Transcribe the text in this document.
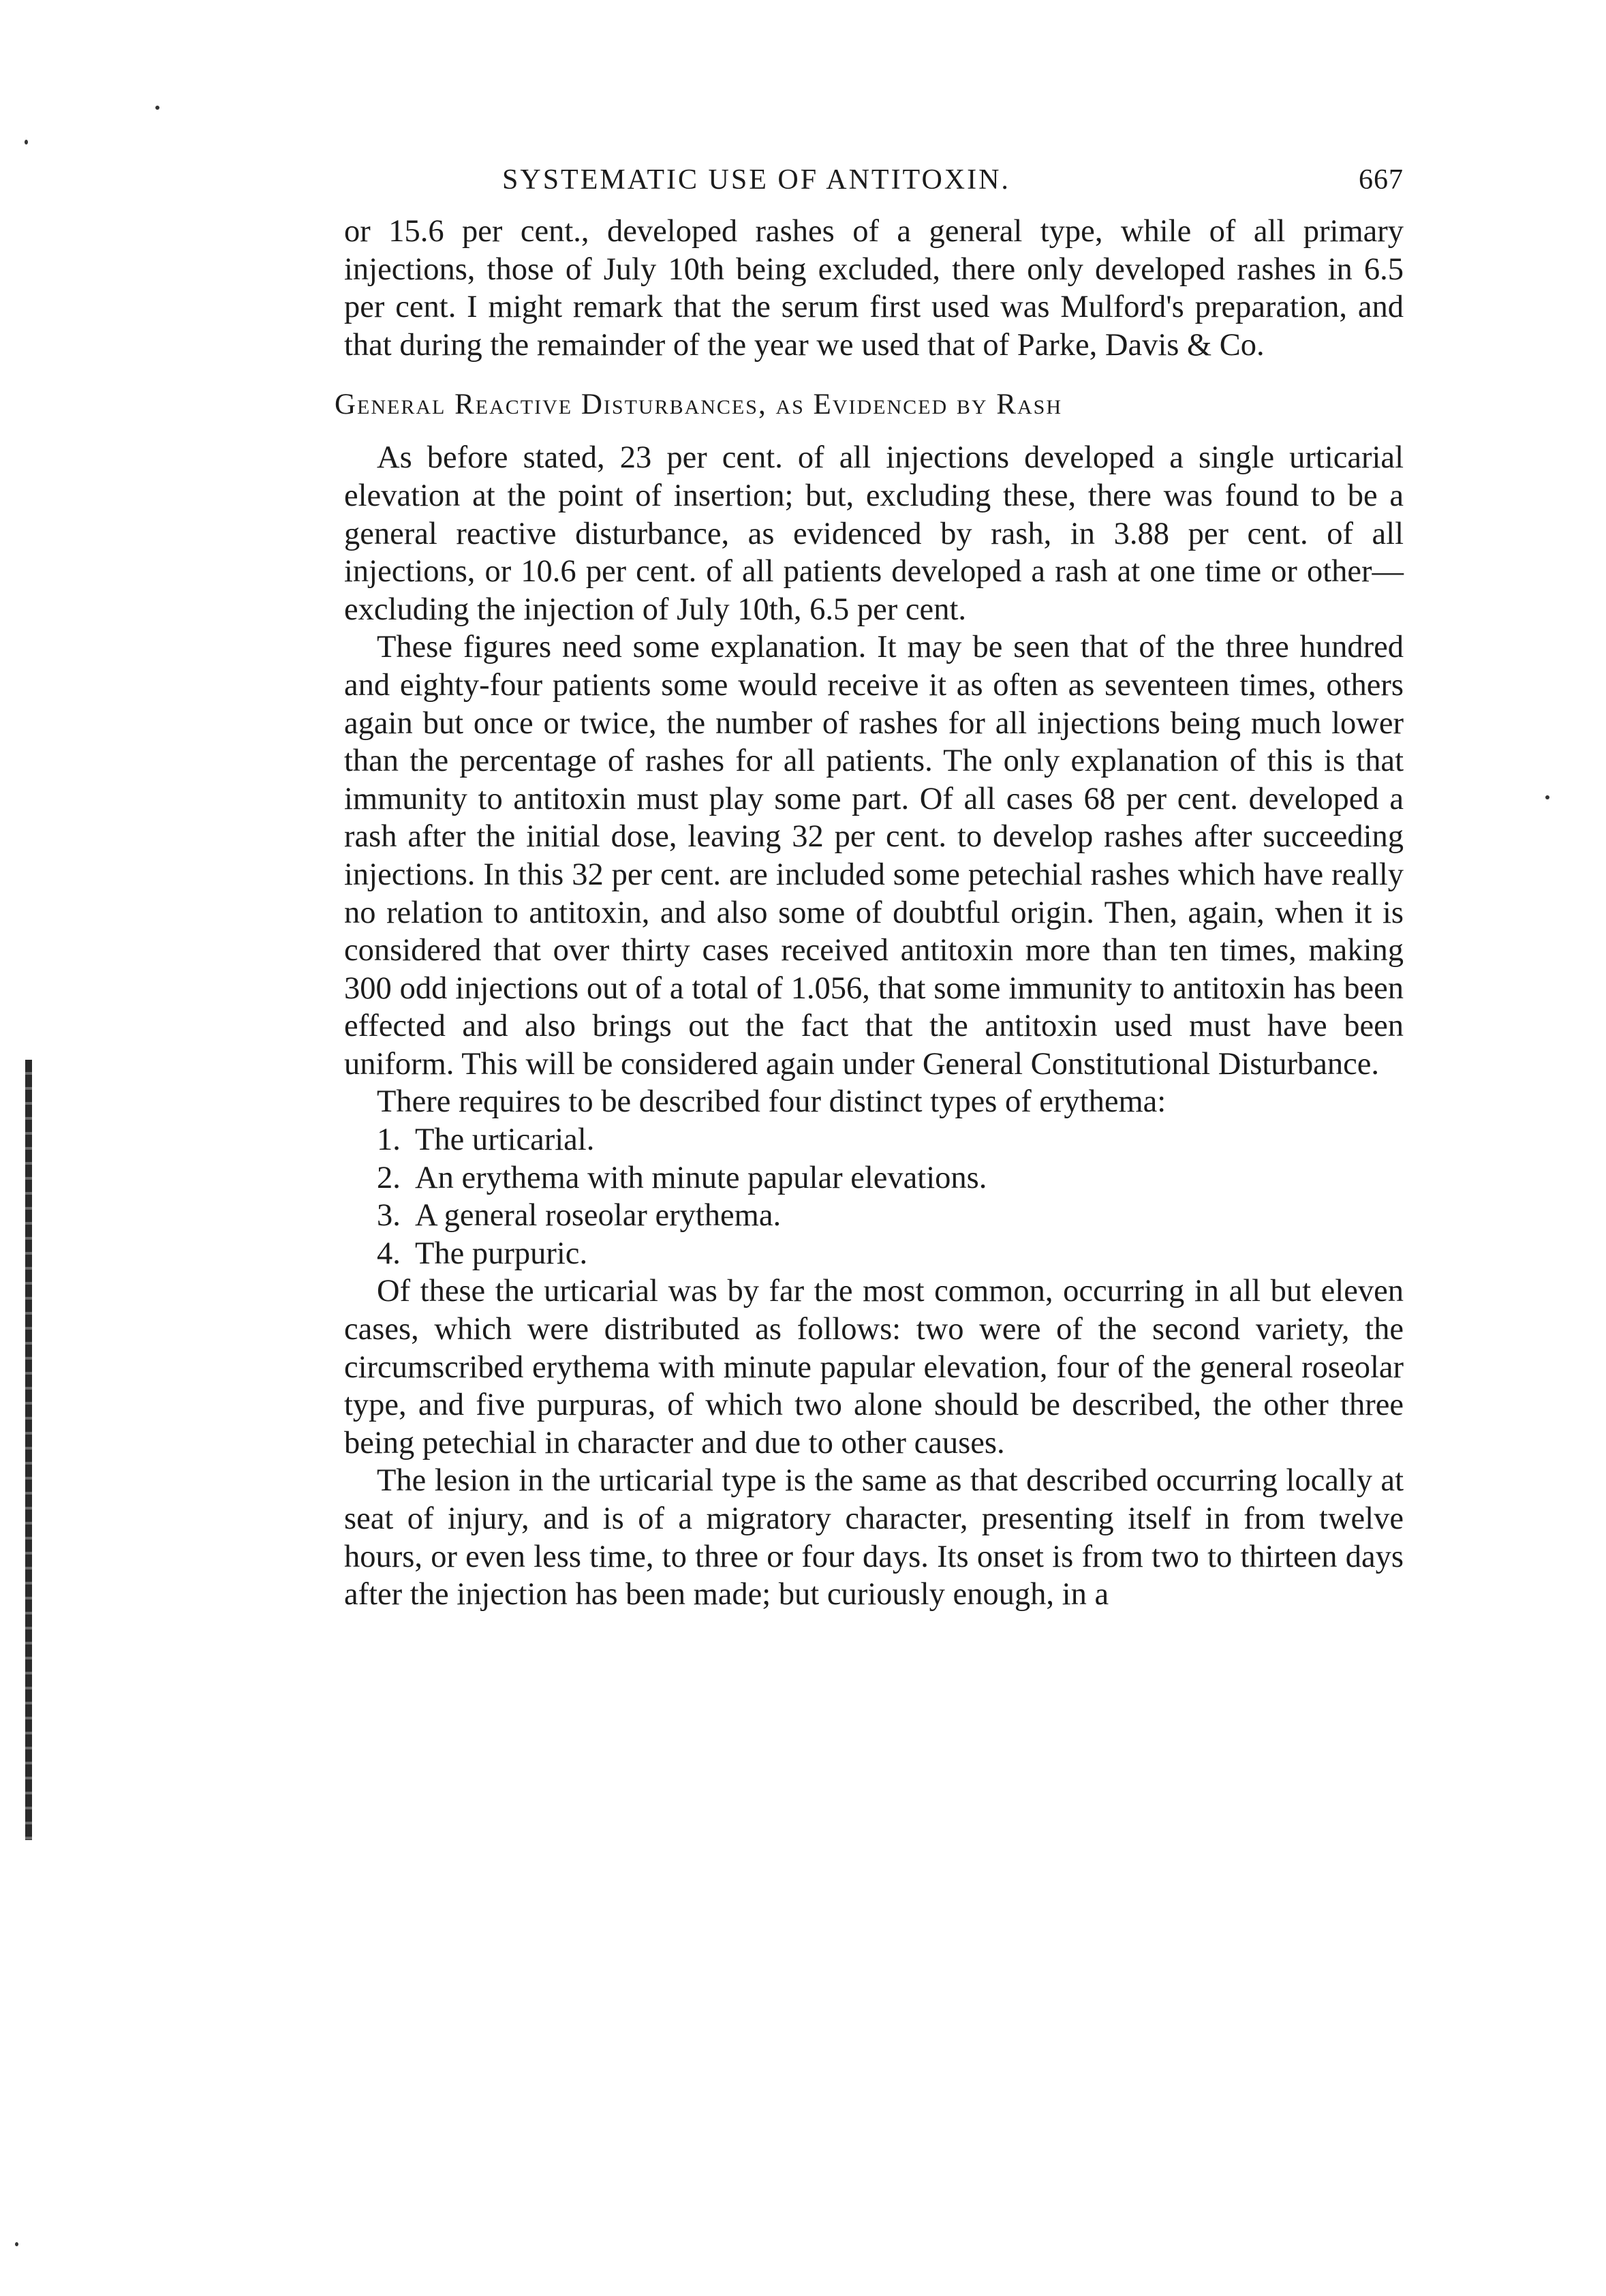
SYSTEMATIC USE OF ANTITOXIN.	667

or 15.6 per cent., developed rashes of a general type, while of all primary injections, those of July 10th being excluded, there only developed rashes in 6.5 per cent. I might remark that the serum first used was Mulford's preparation, and that during the remainder of the year we used that of Parke, Davis & Co.

General Reactive Disturbances, as Evidenced by Rash

As before stated, 23 per cent. of all injections developed a single urticarial elevation at the point of insertion; but, excluding these, there was found to be a general reactive disturbance, as evidenced by rash, in 3.88 per cent. of all injections, or 10.6 per cent. of all patients developed a rash at one time or other—excluding the injection of July 10th, 6.5 per cent.

These figures need some explanation. It may be seen that of the three hundred and eighty-four patients some would receive it as often as seventeen times, others again but once or twice, the number of rashes for all injections being much lower than the percentage of rashes for all patients. The only explanation of this is that immunity to antitoxin must play some part. Of all cases 68 per cent. developed a rash after the initial dose, leaving 32 per cent. to develop rashes after succeeding injections. In this 32 per cent. are included some petechial rashes which have really no relation to antitoxin, and also some of doubtful origin. Then, again, when it is considered that over thirty cases received antitoxin more than ten times, making 300 odd injections out of a total of 1.056, that some immunity to antitoxin has been effected and also brings out the fact that the antitoxin used must have been uniform. This will be considered again under General Constitutional Disturbance.

There requires to be described four distinct types of erythema:

1. The urticarial.
2. An erythema with minute papular elevations.
3. A general roseolar erythema.
4. The purpuric.

Of these the urticarial was by far the most common, occurring in all but eleven cases, which were distributed as follows: two were of the second variety, the circumscribed erythema with minute papular elevation, four of the general roseolar type, and five purpuras, of which two alone should be described, the other three being petechial in character and due to other causes.

The lesion in the urticarial type is the same as that described occurring locally at seat of injury, and is of a migratory character, presenting itself in from twelve hours, or even less time, to three or four days. Its onset is from two to thirteen days after the injection has been made; but curiously enough, in a
